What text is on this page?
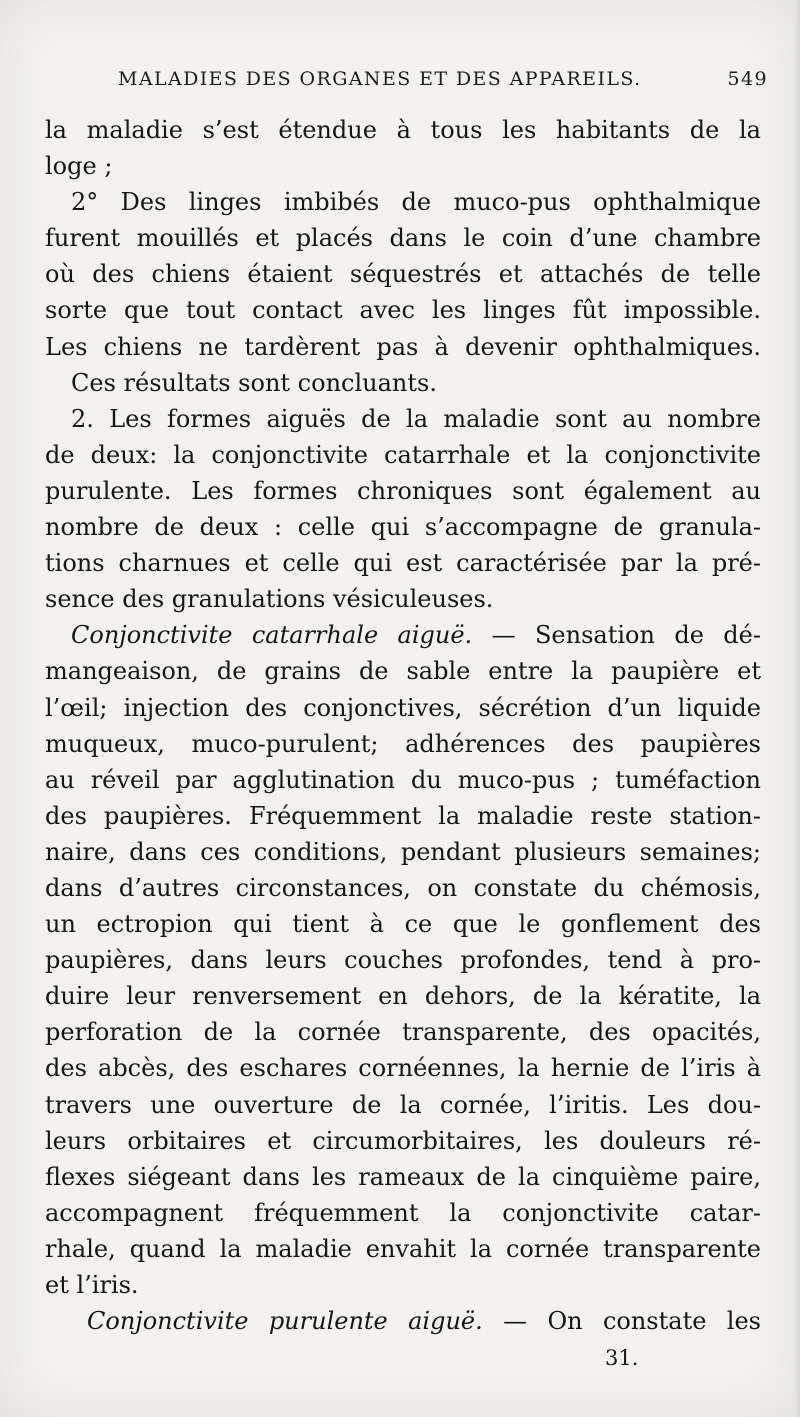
MALADIES DES ORGANES ET DES APPAREILS.	549
la maladie s’est étendue à tous les habitants de la
loge ;
2° Des linges imbibés de muco-pus ophthalmique
furent mouillés et placés dans le coin d’une chambre
où des chiens étaient séquestrés et attachés de telle
sorte que tout contact avec les linges fût impossible.
Les chiens ne tardèrent pas à devenir ophthalmiques.
Ces résultats sont concluants.
2. Les formes aiguës de la maladie sont au nombre
de deux: la conjonctivite catarrhale et la conjonctivite
purulente. Les formes chroniques sont également au
nombre de deux : celle qui s’accompagne de granula-
tions charnues et celle qui est caractérisée par la pré-
sence des granulations vésiculeuses.
Conjonctivite catarrhale aiguë. — Sensation de dé-
mangeaison, de grains de sable entre la paupière et
l’œil; injection des conjonctives, sécrétion d’un liquide
muqueux, muco-purulent; adhérences des paupières
au réveil par agglutination du muco-pus ; tuméfaction
des paupières. Fréquemment la maladie reste station-
naire, dans ces conditions, pendant plusieurs semaines;
dans d’autres circonstances, on constate du chémosis,
un ectropion qui tient à ce que le gonflement des
paupières, dans leurs couches profondes, tend à pro-
duire leur renversement en dehors, de la kératite, la
perforation de la cornée transparente, des opacités,
des abcès, des eschares cornéennes, la hernie de l’iris à
travers une ouverture de la cornée, l’iritis. Les dou-
leurs orbitaires et circumorbitaires, les douleurs ré-
flexes siégeant dans les rameaux de la cinquième paire,
accompagnent fréquemment la conjonctivite catar-
rhale, quand la maladie envahit la cornée transparente
et l’iris.
Conjonctivite purulente aiguë. — On constate les
31.
